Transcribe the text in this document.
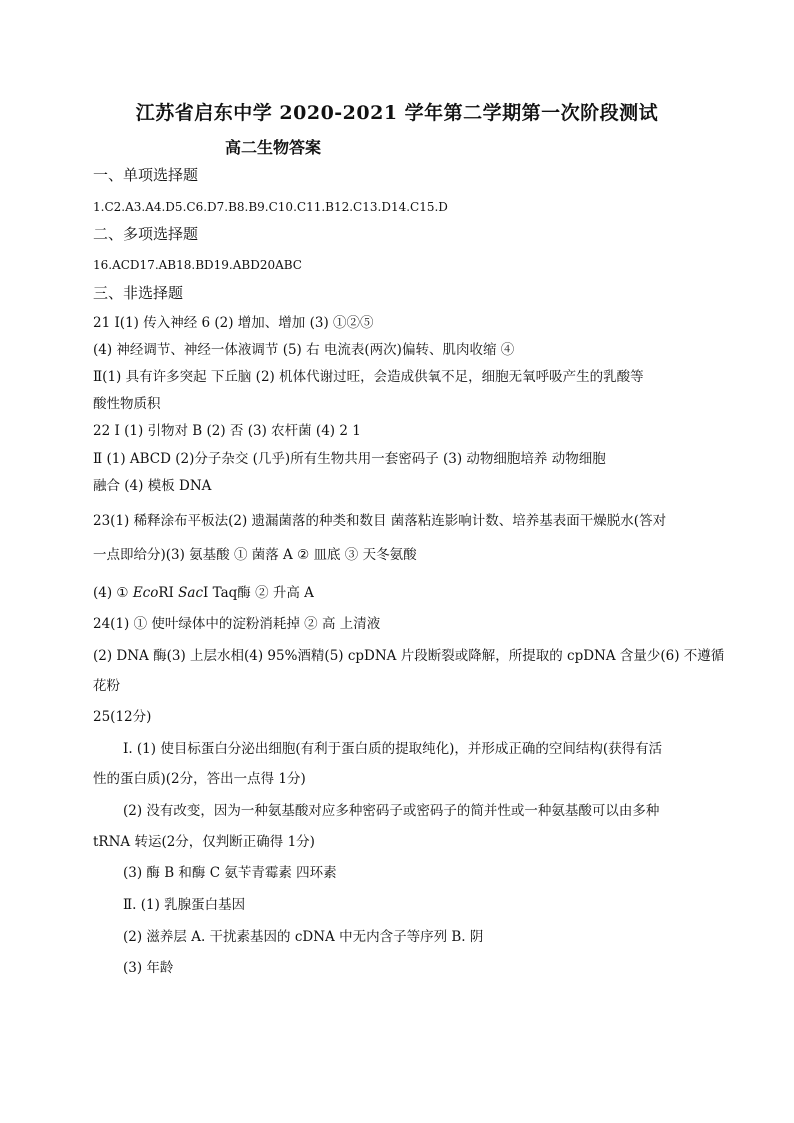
江苏省启东中学 2020-2021 学年第二学期第一次阶段测试
高二生物答案
一、单项选择题
1.C2.A3.A4.D5.C6.D7.B8.B9.C10.C11.B12.C13.D14.C15.D
二、多项选择题
16.ACD17.AB18.BD19.ABD20ABC
三、非选择题
21 Ⅰ(1) 传入神经 6 (2) 增加、增加 (3) ①②⑤
(4) 神经调节、神经一体液调节 (5) 右 电流表(两次)偏转、肌肉收缩 ④
Ⅱ(1) 具有许多突起 下丘脑 (2) 机体代谢过旺，会造成供氧不足，细胞无氧呼吸产生的乳酸等
酸性物质积
22 Ⅰ (1) 引物对 B (2) 否 (3) 农杆菌 (4) 2 1
Ⅱ (1) ABCD (2)分子杂交 (几乎)所有生物共用一套密码子 (3) 动物细胞培养 动物细胞
融合 (4) 模板 DNA
23(1) 稀释涂布平板法(2) 遗漏菌落的种类和数目 菌落粘连影响计数、培养基表面干燥脱水(答对
一点即给分)(3) 氨基酸 ① 菌落 A ② 皿底 ③ 天冬氨酸
(4) ① EcoRⅠ SacⅠ Taq酶 ② 升高 A
24(1) ① 使叶绿体中的淀粉消耗掉 ② 高 上清液
(2) DNA 酶(3) 上层水相(4) 95%酒精(5) cpDNA 片段断裂或降解，所提取的 cpDNA 含量少(6) 不遵循
花粉
25(12分)
Ⅰ. (1) 使目标蛋白分泌出细胞(有利于蛋白质的提取纯化)，并形成正确的空间结构(获得有活
性的蛋白质)(2分，答出一点得 1分)
(2) 没有改变，因为一种氨基酸对应多种密码子或密码子的简并性或一种氨基酸可以由多种
tRNA 转运(2分，仅判断正确得 1分)
(3) 酶 B 和酶 C 氨苄青霉素 四环素
Ⅱ. (1) 乳腺蛋白基因
(2) 滋养层 A. 干扰素基因的 cDNA 中无内含子等序列 B. 阴
(3) 年龄
